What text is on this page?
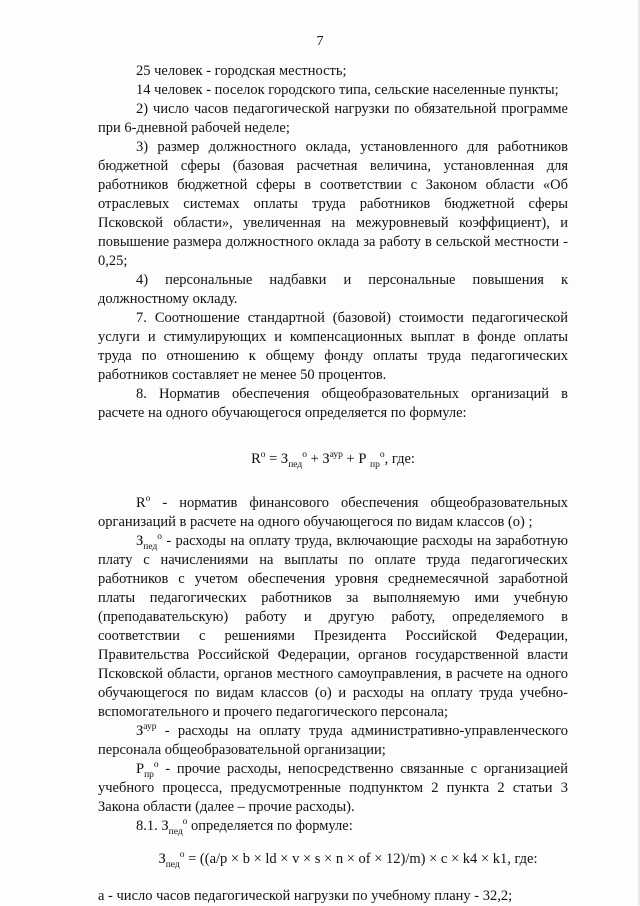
7

25 человек - городская местность;

14 человек - поселок городского типа, сельские населенные пункты;

2) число часов педагогической нагрузки по обязательной программе при 6-дневной рабочей неделе;

3) размер должностного оклада, установленного для работников бюджетной сферы (базовая расчетная величина, установленная для работников бюджетной сферы в соответствии с Законом области «Об отраслевых системах оплаты труда работников бюджетной сферы Псковской области», увеличенная на межуровневый коэффициент), и повышение размера должностного оклада за работу в сельской местности - 0,25;

4) персональные надбавки и персональные повышения к должностному окладу.

7. Соотношение стандартной (базовой) стоимости педагогической услуги и стимулирующих и компенсационных выплат в фонде оплаты труда по отношению к общему фонду оплаты труда педагогических работников составляет не менее 50 процентов.

8. Норматив обеспечения общеобразовательных организаций в расчете на одного обучающегося определяется по формуле:

$R^o = З_{пед}^o + З^{аур} + Р$ $_{пр}^o$, где:

$R^o$ - норматив финансового обеспечения общеобразовательных организаций в расчете на одного обучающегося по видам классов (о) ;

$З_{пед}^o$ - расходы на оплату труда, включающие расходы на заработную плату с начислениями на выплаты по оплате труда педагогических работников с учетом обеспечения уровня среднемесячной заработной платы педагогических работников за выполняемую ими учебную (преподавательскую) работу и другую работу, определяемого в соответствии с решениями Президента Российской Федерации, Правительства Российской Федерации, органов государственной власти Псковской области, органов местного самоуправления, в расчете на одного обучающегося по видам классов (о) и расходы на оплату труда учебно-вспомогательного и прочего педагогического персонала;

$З^{аур}$ - расходы на оплату труда административно-управленческого персонала общеобразовательной организации;

$Р_{пр}^o$ - прочие расходы, непосредственно связанные с организацией учебного процесса, предусмотренные подпунктом 2 пункта 2 статьи 3 Закона области (далее – прочие расходы).

8.1. $З_{пед}^o$ определяется по формуле:

$З_{пед}^o = ((a/p \times b$ × ld × v × s × n × of × 12)/m) × c × k4 × k1, где:

а - число часов педагогической нагрузки по учебному плану - 32,2;
